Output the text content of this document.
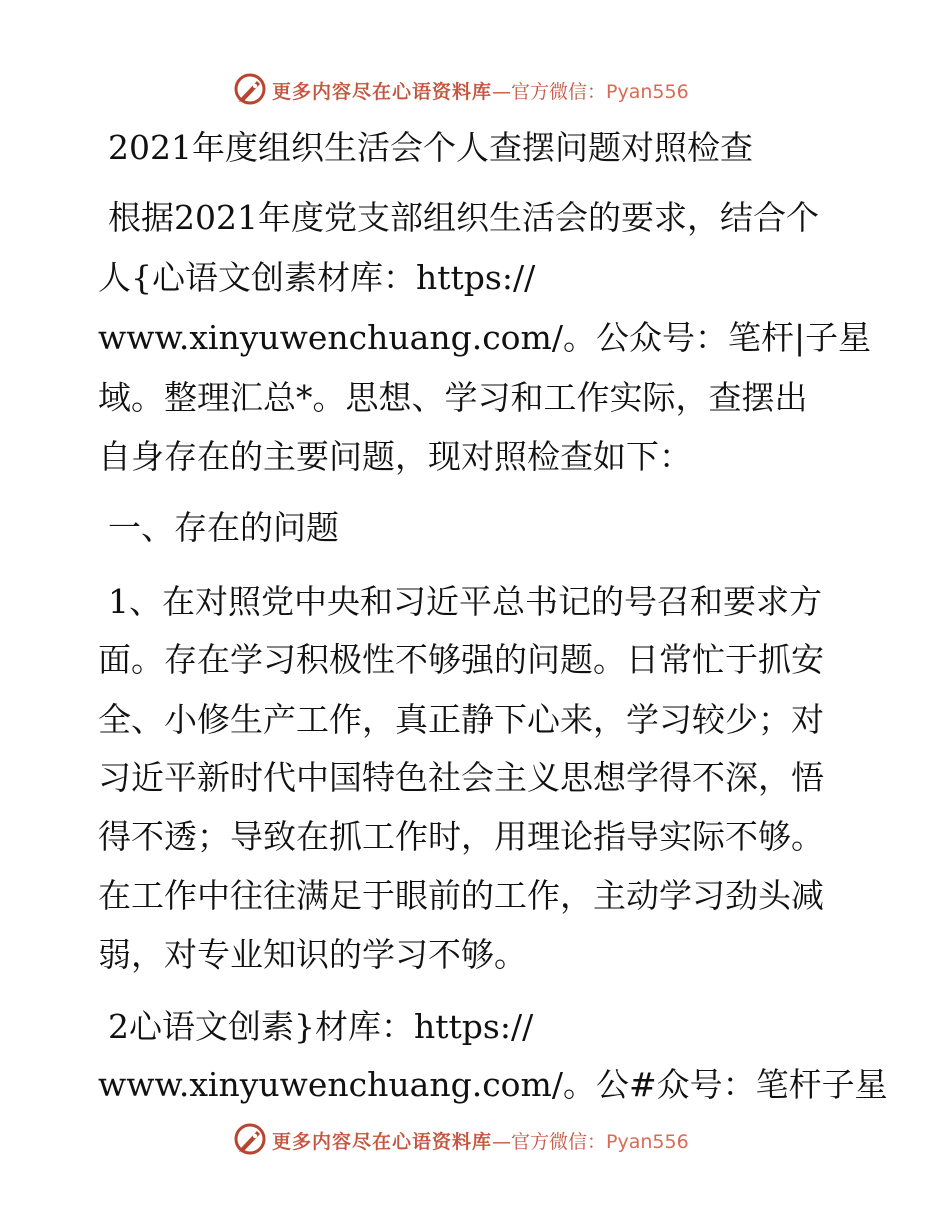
更多内容尽在心语资料库—官方微信：Pyan556
2021年度组织生活会个人查摆问题对照检查
根据2021年度党支部组织生活会的要求，结合个
人{心语文创素材库：https://
www.xinyuwenchuang.com/。公众号：笔杆|子星
域。整理汇总*。思想、学习和工作实际，查摆出
自身存在的主要问题，现对照检查如下：
一、存在的问题
1、在对照党中央和习近平总书记的号召和要求方
面。存在学习积极性不够强的问题。日常忙于抓安
全、小修生产工作，真正静下心来，学习较少；对
习近平新时代中国特色社会主义思想学得不深，悟
得不透；导致在抓工作时，用理论指导实际不够。
在工作中往往满足于眼前的工作，主动学习劲头减
弱，对专业知识的学习不够。
2心语文创素}材库：https://
www.xinyuwenchuang.com/。公#众号：笔杆子星
更多内容尽在心语资料库—官方微信：Pyan556
